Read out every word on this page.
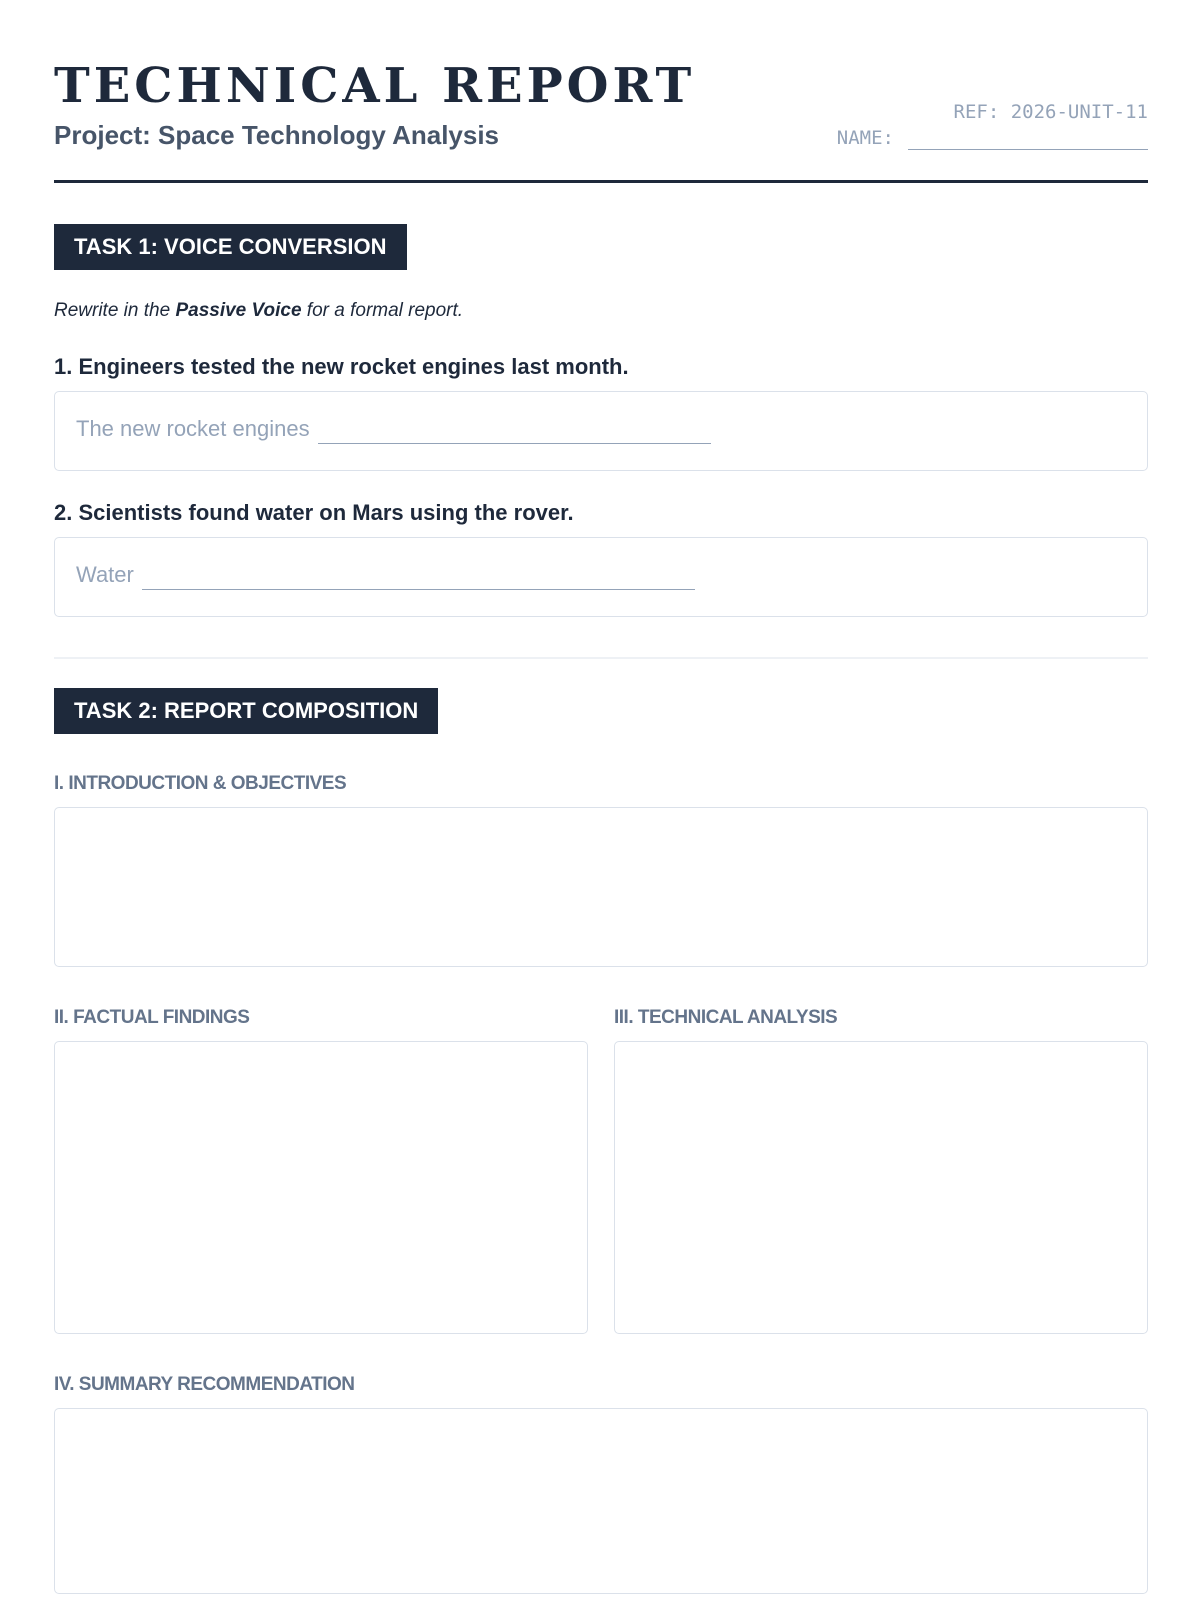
TECHNICAL REPORT
Project: Space Technology Analysis
REF: 2026-UNIT-11
NAME:
TASK 1: VOICE CONVERSION
Rewrite in the Passive Voice for a formal report.
1. Engineers tested the new rocket engines last month.
The new rocket engines
2. Scientists found water on Mars using the rover.
Water
TASK 2: REPORT COMPOSITION
I. INTRODUCTION & OBJECTIVES
II. FACTUAL FINDINGS	III. TECHNICAL ANALYSIS
IV. SUMMARY RECOMMENDATION
